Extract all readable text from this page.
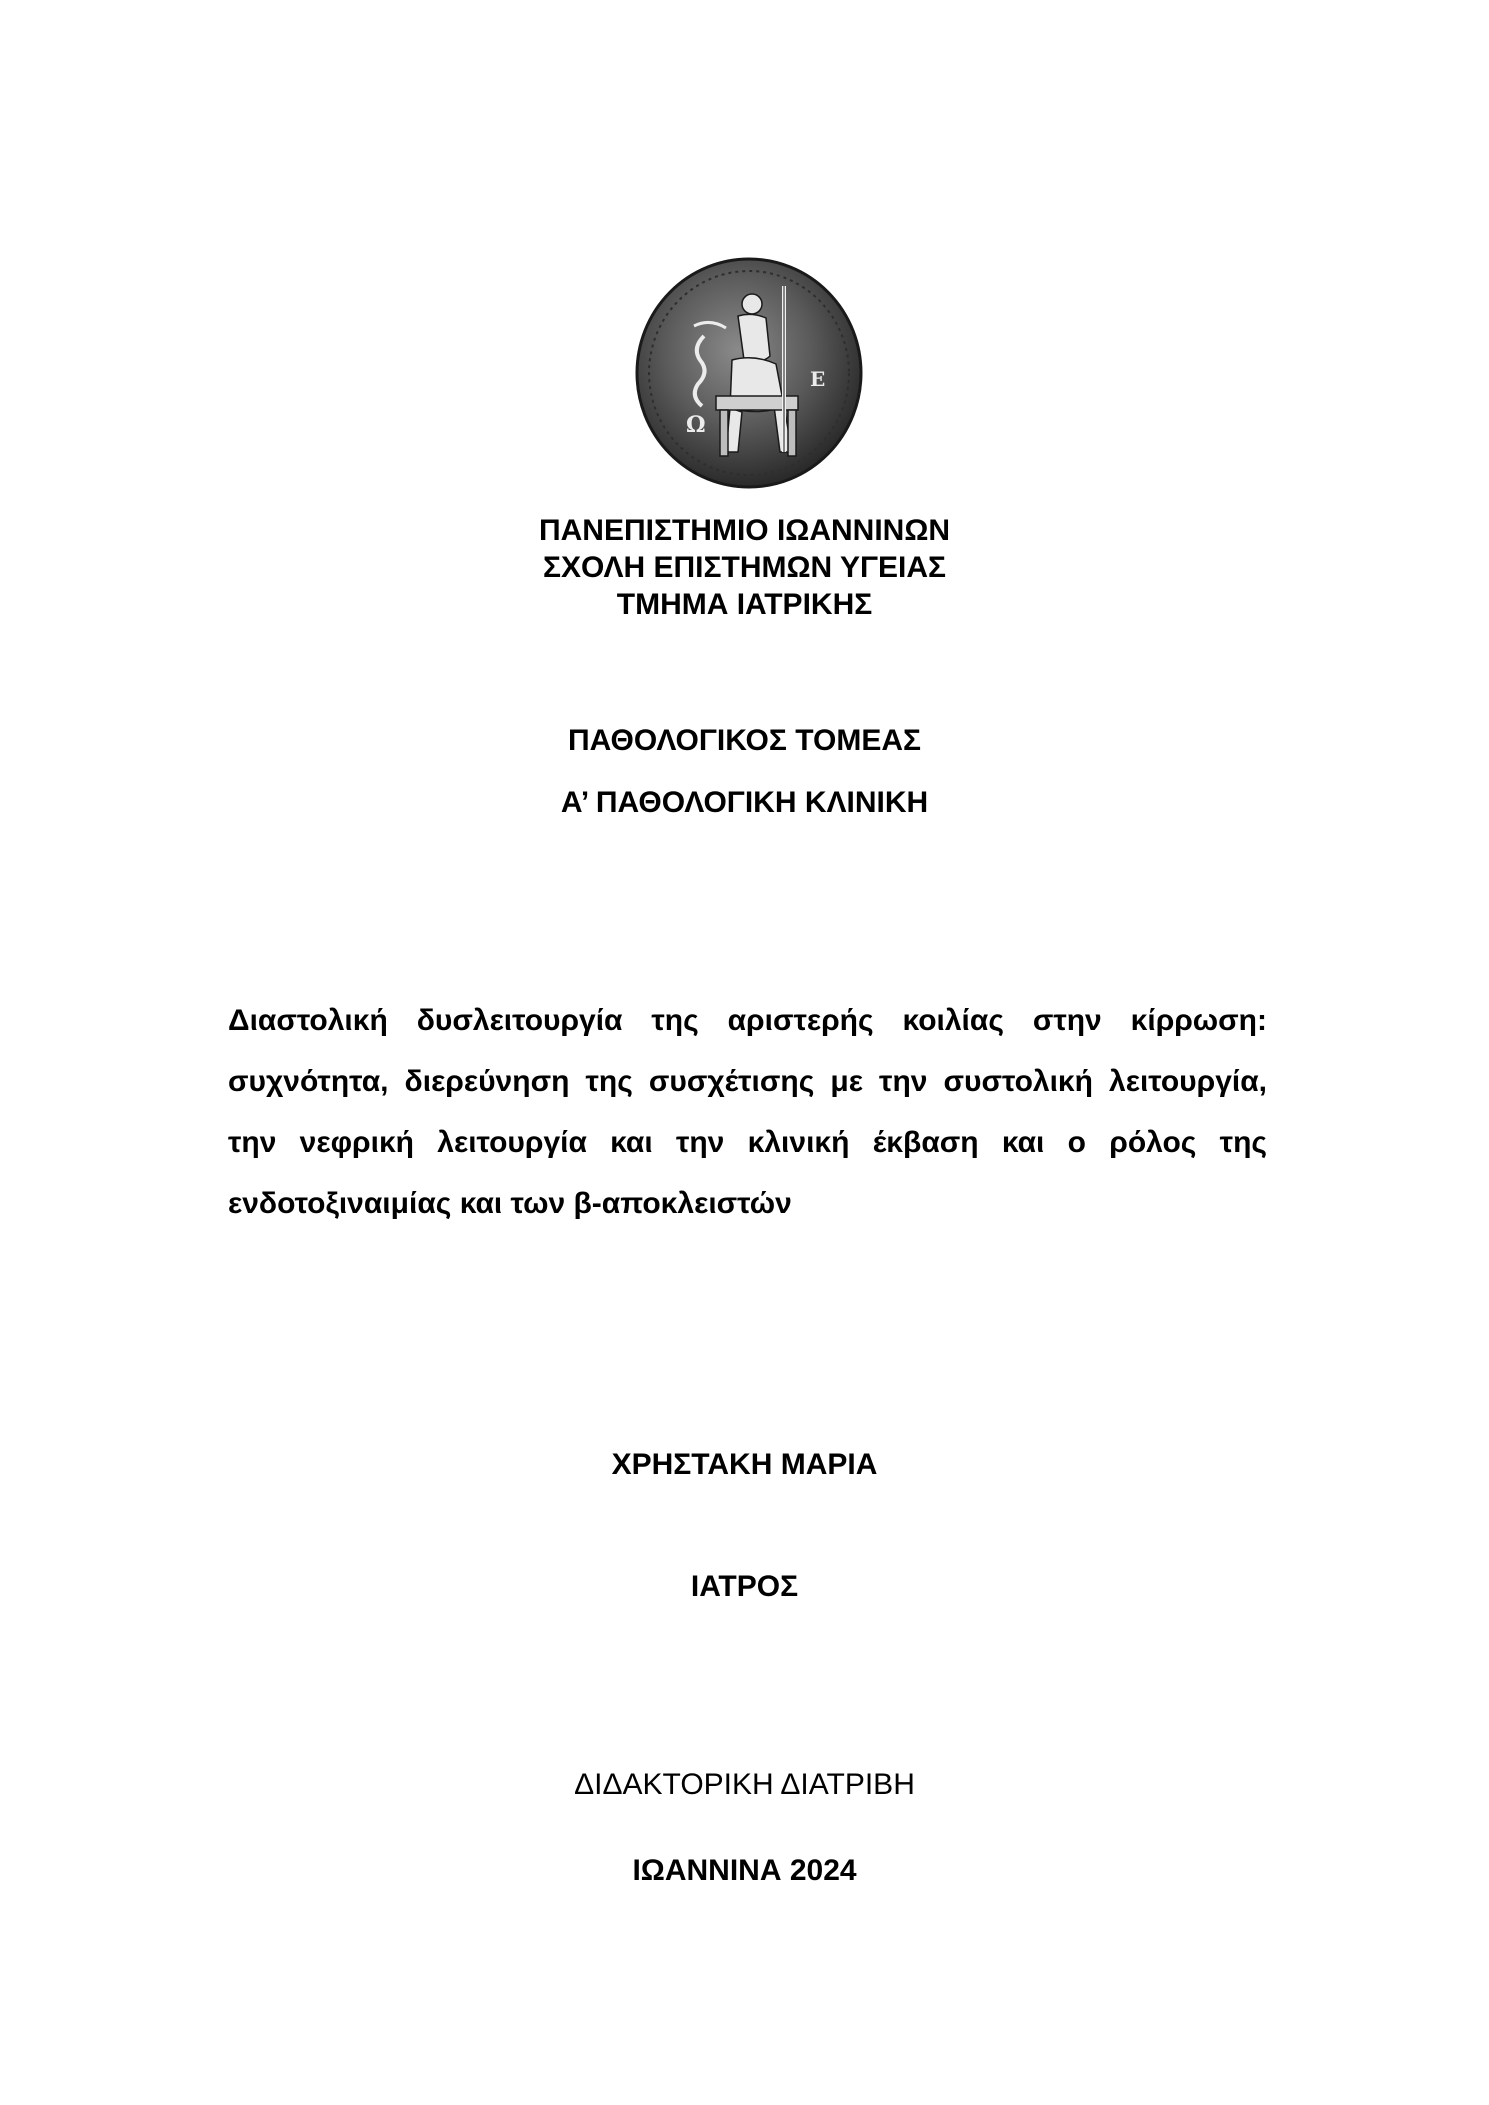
Ω
Ε
ΠΑΝΕΠΙΣΤΗΜΙΟ ΙΩΑΝΝΙΝΩΝ
ΣΧΟΛΗ ΕΠΙΣΤΗΜΩΝ ΥΓΕΙΑΣ
ΤΜΗΜΑ ΙΑΤΡΙΚΗΣ
ΠΑΘΟΛΟΓΙΚΟΣ ΤΟΜΕΑΣ
Α’ ΠΑΘΟΛΟΓΙΚΗ ΚΛΙΝΙΚΗ
Διαστολική δυσλειτουργία της αριστερής κοιλίας στην κίρρωση: συχνότητα, διερεύνηση της συσχέτισης με την συστολική λειτουργία, την νεφρική λειτουργία και την κλινική έκβαση και ο ρόλος της ενδοτοξιναιμίας και των β-αποκλειστών
ΧΡΗΣΤΑΚΗ ΜΑΡΙΑ
ΙΑΤΡΟΣ
ΔΙΔΑΚΤΟΡΙΚΗ ΔΙΑΤΡΙΒΗ
ΙΩΑΝΝΙΝΑ 2024
